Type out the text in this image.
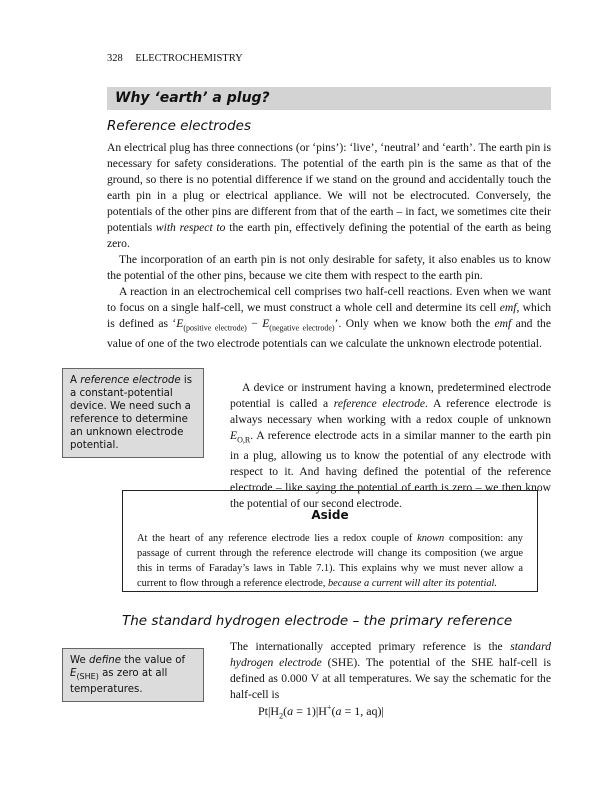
328 ELECTROCHEMISTRY
Why ‘earth’ a plug?
Reference electrodes

An electrical plug has three connections (or ‘pins’): ‘live’, ‘neutral’ and ‘earth’. The earth pin is necessary for safety considerations. The potential of the earth pin is the same as that of the ground, so there is no potential difference if we stand on the ground and accidentally touch the earth pin in a plug or electrical appliance. We will not be electrocuted. Conversely, the potentials of the other pins are different from that of the earth – in fact, we sometimes cite their potentials with respect to the earth pin, effectively defining the potential of the earth as being zero.

The incorporation of an earth pin is not only desirable for safety, it also enables us to know the potential of the other pins, because we cite them with respect to the earth pin.

A reaction in an electrochemical cell comprises two half-cell reactions. Even when we want to focus on a single half-cell, we must construct a whole cell and determine its cell emf, which is defined as ‘$E_{(positive electrode)} - E_{(negative electrode)}$’. Only when we know both the emf and the value of one of the two electrode potentials can we calculate the unknown electrode potential.

A device or instrument having a known, predetermined electrode potential is called a reference electrode. A reference electrode is always necessary when working with a redox couple of unknown $E_{O,R}$. A reference electrode acts in a similar manner to the earth pin in a plug, allowing us to know the potential of any electrode with respect to it. And having defined the potential of the reference electrode – like saying the potential of earth is zero – we then know the potential of our second electrode.

A reference electrode is a constant-potential device. We need such a reference to determine an unknown electrode potential.
Aside
At the heart of any reference electrode lies a redox couple of known composition: any passage of current through the reference electrode will change its composition (we argue this in terms of Faraday’s laws in Table 7.1). This explains why we must never allow a current to flow through a reference electrode, because a current will alter its potential.
The standard hydrogen electrode – the primary reference

The internationally accepted primary reference is the standard hydrogen electrode (SHE). The potential of the SHE half-cell is defined as 0.000 V at all temperatures. We say the schematic for the half-cell is

We define the value of $E_{(SHE)}$ as zero at all temperatures.
$Pt|H_2(a = 1)|H^+(a = 1$, aq)|
